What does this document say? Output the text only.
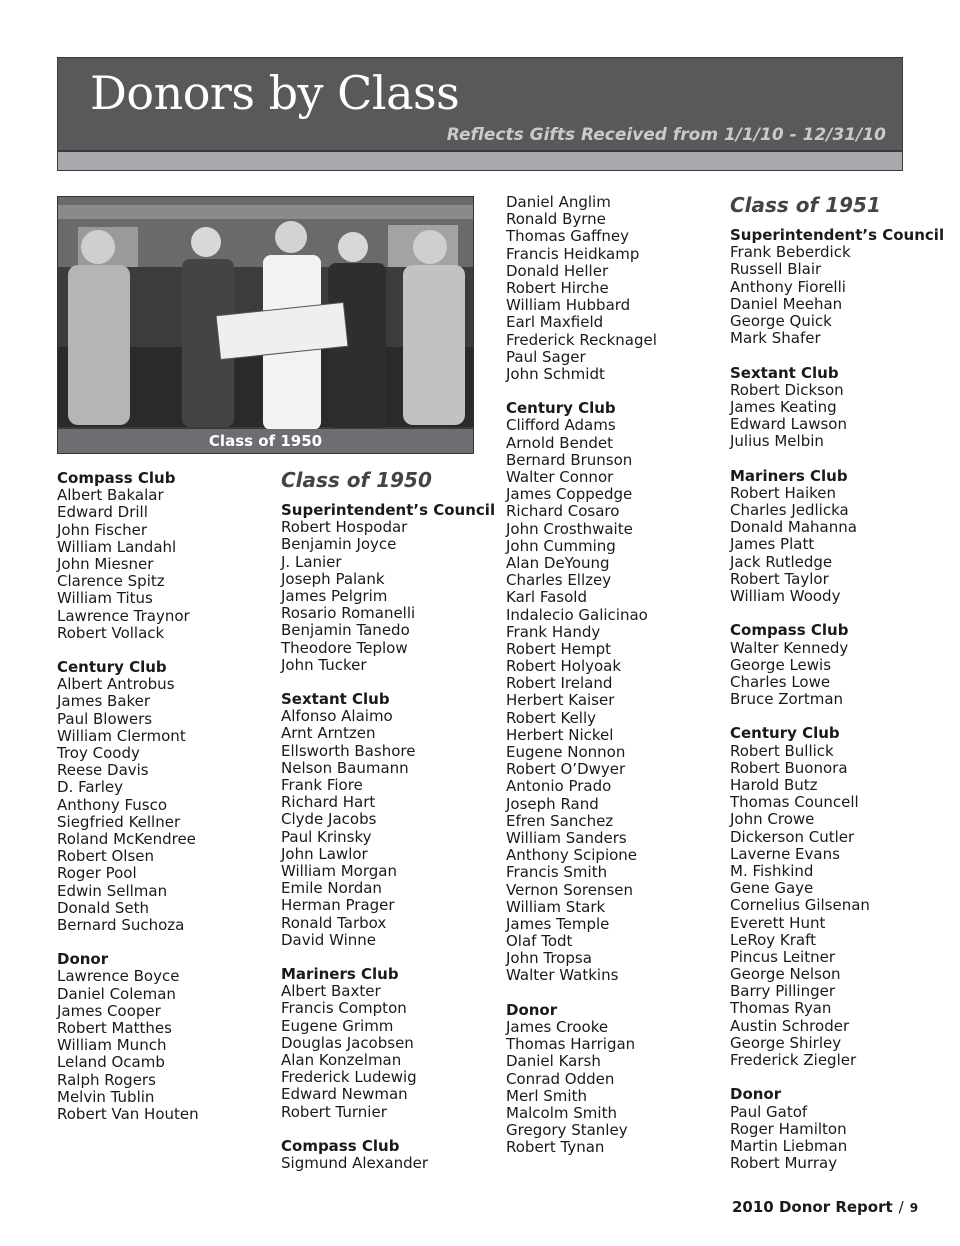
Donors by Class
Reflects Gifts Received from 1/1/10 - 12/31/10
Class of 1950
Compass Club
Albert Bakalar
Edward Drill
John Fischer
William Landahl
John Miesner
Clarence Spitz
William Titus
Lawrence Traynor
Robert Vollack
Century Club
Albert Antrobus
James Baker
Paul Blowers
William Clermont
Troy Coody
Reese Davis
D. Farley
Anthony Fusco
Siegfried Kellner
Roland McKendree
Robert Olsen
Roger Pool
Edwin Sellman
Donald Seth
Bernard Suchoza
Donor
Lawrence Boyce
Daniel Coleman
James Cooper
Robert Matthes
William Munch
Leland Ocamb
Ralph Rogers
Melvin Tublin
Robert Van Houten
Class of 1950
Superintendent’s Council
Robert Hospodar
Benjamin Joyce
J. Lanier
Joseph Palank
James Pelgrim
Rosario Romanelli
Benjamin Tanedo
Theodore Teplow
John Tucker
Sextant Club
Alfonso Alaimo
Arnt Arntzen
Ellsworth Bashore
Nelson Baumann
Frank Fiore
Richard Hart
Clyde Jacobs
Paul Krinsky
John Lawlor
William Morgan
Emile Nordan
Herman Prager
Ronald Tarbox
David Winne
Mariners Club
Albert Baxter
Francis Compton
Eugene Grimm
Douglas Jacobsen
Alan Konzelman
Frederick Ludewig
Edward Newman
Robert Turnier
Compass Club
Sigmund Alexander
Daniel Anglim
Ronald Byrne
Thomas Gaffney
Francis Heidkamp
Donald Heller
Robert Hirche
William Hubbard
Earl Maxfield
Frederick Recknagel
Paul Sager
John Schmidt
Century Club
Clifford Adams
Arnold Bendet
Bernard Brunson
Walter Connor
James Coppedge
Richard Cosaro
John Crosthwaite
John Cumming
Alan DeYoung
Charles Ellzey
Karl Fasold
Indalecio Galicinao
Frank Handy
Robert Hempt
Robert Holyoak
Robert Ireland
Herbert Kaiser
Robert Kelly
Herbert Nickel
Eugene Nonnon
Robert O’Dwyer
Antonio Prado
Joseph Rand
Efren Sanchez
William Sanders
Anthony Scipione
Francis Smith
Vernon Sorensen
William Stark
James Temple
Olaf Todt
John Tropsa
Walter Watkins
Donor
James Crooke
Thomas Harrigan
Daniel Karsh
Conrad Odden
Merl Smith
Malcolm Smith
Gregory Stanley
Robert Tynan
Class of 1951
Superintendent’s Council
Frank Beberdick
Russell Blair
Anthony Fiorelli
Daniel Meehan
George Quick
Mark Shafer
Sextant Club
Robert Dickson
James Keating
Edward Lawson
Julius Melbin
Mariners Club
Robert Haiken
Charles Jedlicka
Donald Mahanna
James Platt
Jack Rutledge
Robert Taylor
William Woody
Compass Club
Walter Kennedy
George Lewis
Charles Lowe
Bruce Zortman
Century Club
Robert Bullick
Robert Buonora
Harold Butz
Thomas Councell
John Crowe
Dickerson Cutler
Laverne Evans
M. Fishkind
Gene Gaye
Cornelius Gilsenan
Everett Hunt
LeRoy Kraft
Pincus Leitner
George Nelson
Barry Pillinger
Thomas Ryan
Austin Schroder
George Shirley
Frederick Ziegler
Donor
Paul Gatof
Roger Hamilton
Martin Liebman
Robert Murray
2010 Donor Report / 9
